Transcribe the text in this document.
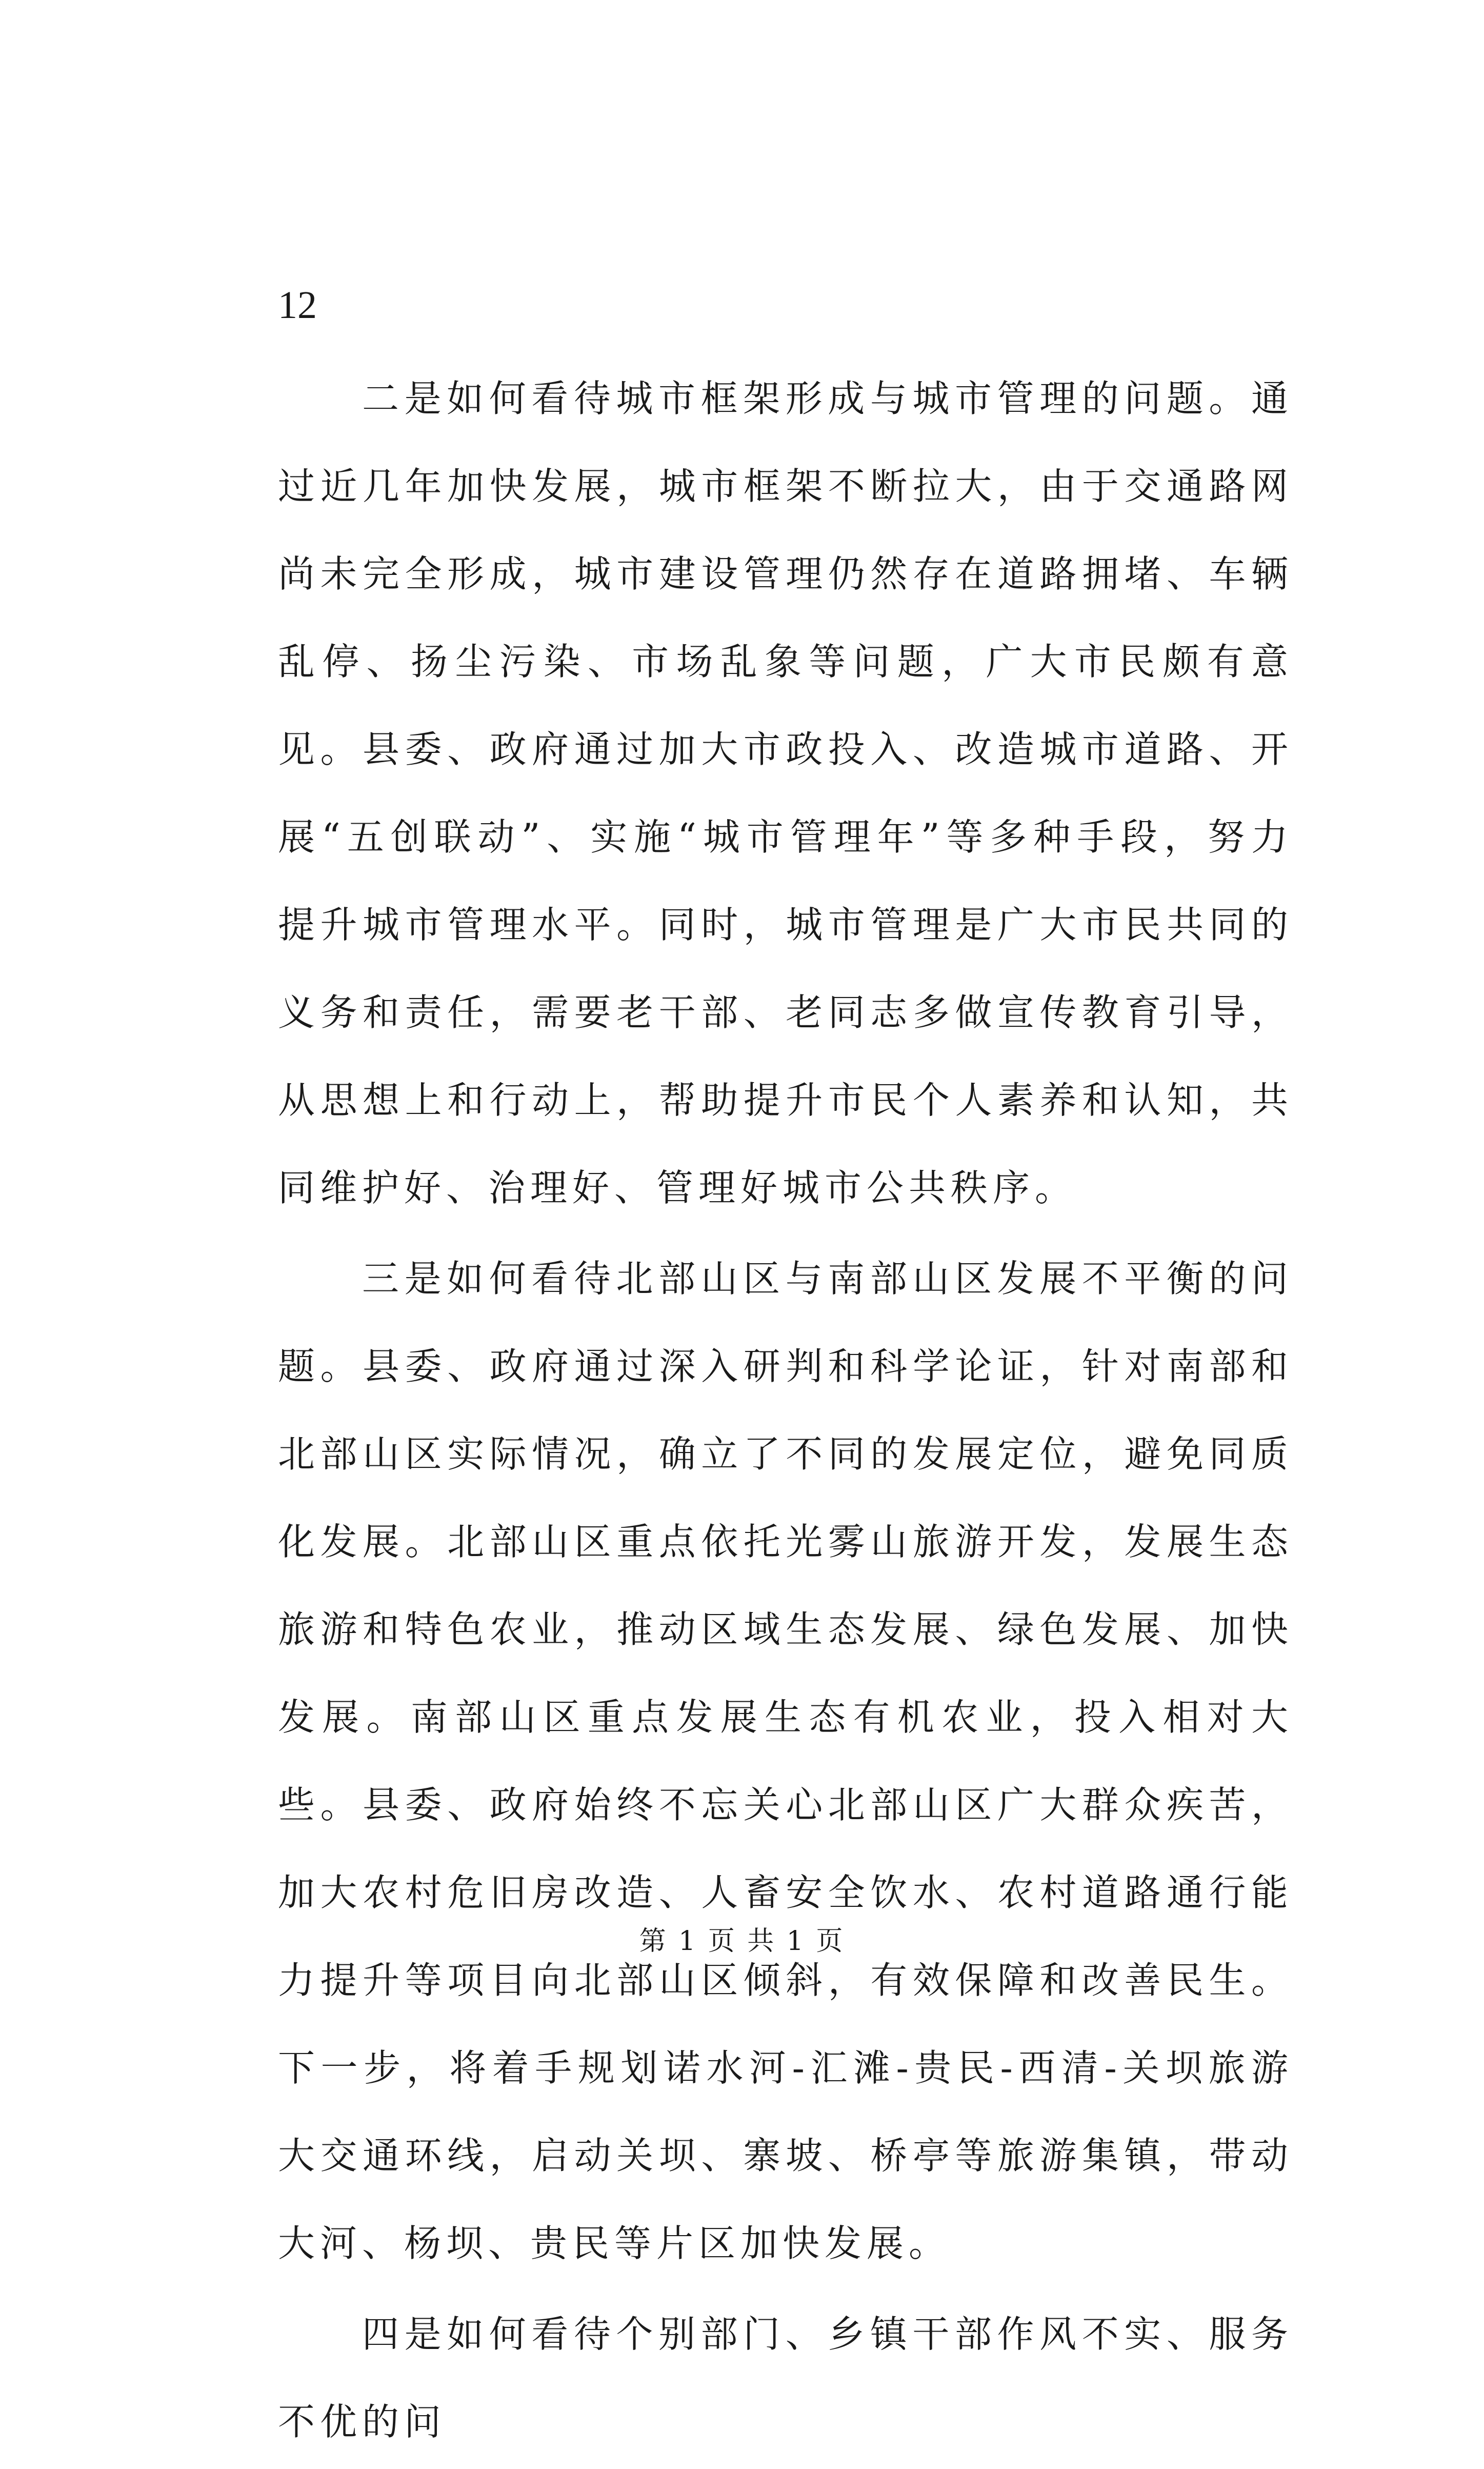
12

二是如何看待城市框架形成与城市管理的问题。通过近几年加快发展，城市框架不断拉大，由于交通路网尚未完全形成，城市建设管理仍然存在道路拥堵、车辆乱停、扬尘污染、市场乱象等问题，广大市民颇有意见。县委、政府通过加大市政投入、改造城市道路、开展“五创联动”、实施“城市管理年”等多种手段，努力提升城市管理水平。同时，城市管理是广大市民共同的义务和责任，需要老干部、老同志多做宣传教育引导，从思想上和行动上，帮助提升市民个人素养和认知，共同维护好、治理好、管理好城市公共秩序。

三是如何看待北部山区与南部山区发展不平衡的问题。县委、政府通过深入研判和科学论证，针对南部和北部山区实际情况，确立了不同的发展定位，避免同质化发展。北部山区重点依托光雾山旅游开发，发展生态旅游和特色农业，推动区域生态发展、绿色发展、加快发展。南部山区重点发展生态有机农业，投入相对大些。县委、政府始终不忘关心北部山区广大群众疾苦，加大农村危旧房改造、人畜安全饮水、农村道路通行能力提升等项目向北部山区倾斜，有效保障和改善民生。下一步，将着手规划诺水河-汇滩-贵民-西清-关坝旅游大交通环线，启动关坝、寨坡、桥亭等旅游集镇，带动大河、杨坝、贵民等片区加快发展。

四是如何看待个别部门、乡镇干部作风不实、服务不优的问

第 1 页 共 1 页
